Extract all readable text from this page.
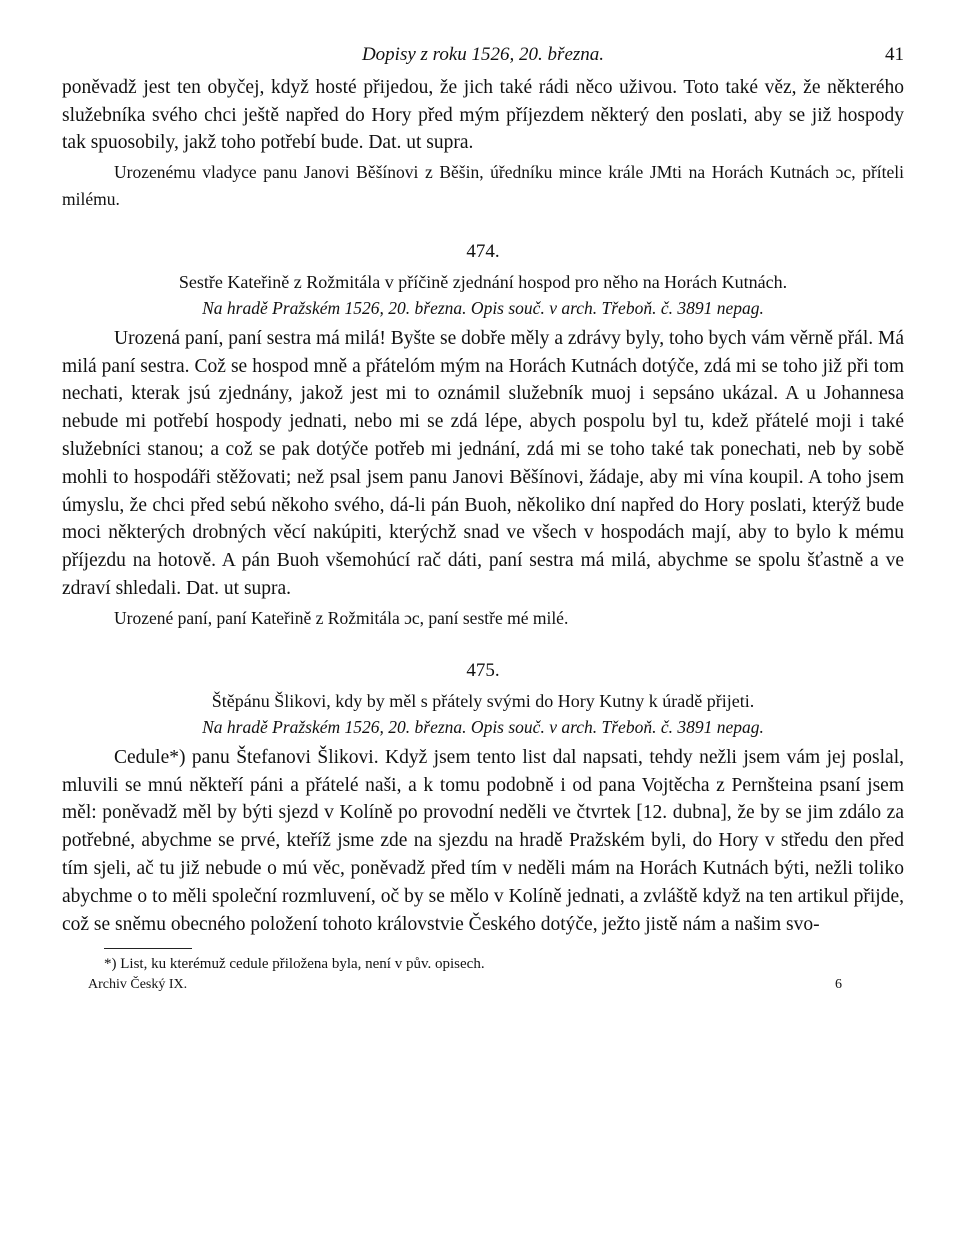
Dopisy z roku 1526, 20. března.	41

poněvadž jest ten obyčej, když hosté přijedou, že jich také rádi něco uživou. Toto také věz, že některého služebníka svého chci ještě napřed do Hory před mým příjezdem některý den poslati, aby se již hospody tak spuosobily, jakž toho potřebí bude. Dat. ut supra.

Urozenému vladyce panu Janovi Běšínovi z Běšin, úředníku mince krále JMti na Horách Kutnách ɔc, příteli milému.

474.
Sestře Kateřině z Rožmitála v příčině zjednání hospod pro něho na Horách Kutnách.
Na hradě Pražském 1526, 20. března. Opis souč. v arch. Třeboň. č. 3891 nepag.

Urozená paní, paní sestra má milá! Byšte se dobře měly a zdrávy byly, toho bych vám věrně přál. Má milá paní sestra. Což se hospod mně a přátelóm mým na Horách Kutnách dotýče, zdá mi se toho již při tom nechati, kterak jsú zjednány, jakož jest mi to oznámil služebník muoj i sepsáno ukázal. A u Johannesa nebude mi potřebí hospody jednati, nebo mi se zdá lépe, abych pospolu byl tu, kdež přátelé moji i také služebníci stanou; a což se pak dotýče potřeb mi jednání, zdá mi se toho také tak ponechati, neb by sobě mohli to hospodáři stěžovati; než psal jsem panu Janovi Běšínovi, žádaje, aby mi vína koupil. A toho jsem úmyslu, že chci před sebú někoho svého, dá-li pán Buoh, několiko dní napřed do Hory poslati, kterýž bude moci některých drobných věcí nakúpiti, kterýchž snad ve všech v hospodách mají, aby to bylo k mému příjezdu na hotově. A pán Buoh všemohúcí rač dáti, paní sestra má milá, abychme se spolu šťastně a ve zdraví shledali. Dat. ut supra.

Urozené paní, paní Kateřině z Rožmitála ɔc, paní sestře mé milé.

475.
Štěpánu Šlikovi, kdy by měl s přátely svými do Hory Kutny k úradě přijeti.
Na hradě Pražském 1526, 20. března. Opis souč. v arch. Třeboň. č. 3891 nepag.

Cedule*) panu Štefanovi Šlikovi. Když jsem tento list dal napsati, tehdy nežli jsem vám jej poslal, mluvili se mnú někteří páni a přátelé naši, a k tomu podobně i od pana Vojtěcha z Pernšteina psaní jsem měl: poněvadž měl by býti sjezd v Kolíně po provodní neděli ve čtvrtek [12. dubna], že by se jim zdálo za potřebné, abychme se prvé, kteříž jsme zde na sjezdu na hradě Pražském byli, do Hory v středu den před tím sjeli, ač tu již nebude o mú věc, poněvadž před tím v neděli mám na Horách Kutnách býti, nežli toliko abychme o to měli společní rozmluvení, oč by se mělo v Kolíně jednati, a zvláště když na ten artikul přijde, což se sněmu obecného položení tohoto královstvie Českého dotýče, ježto jistě nám a našim svo-

*) List, ku kterémuž cedule přiložena byla, není v pův. opisech.
Archiv Český IX.	6
